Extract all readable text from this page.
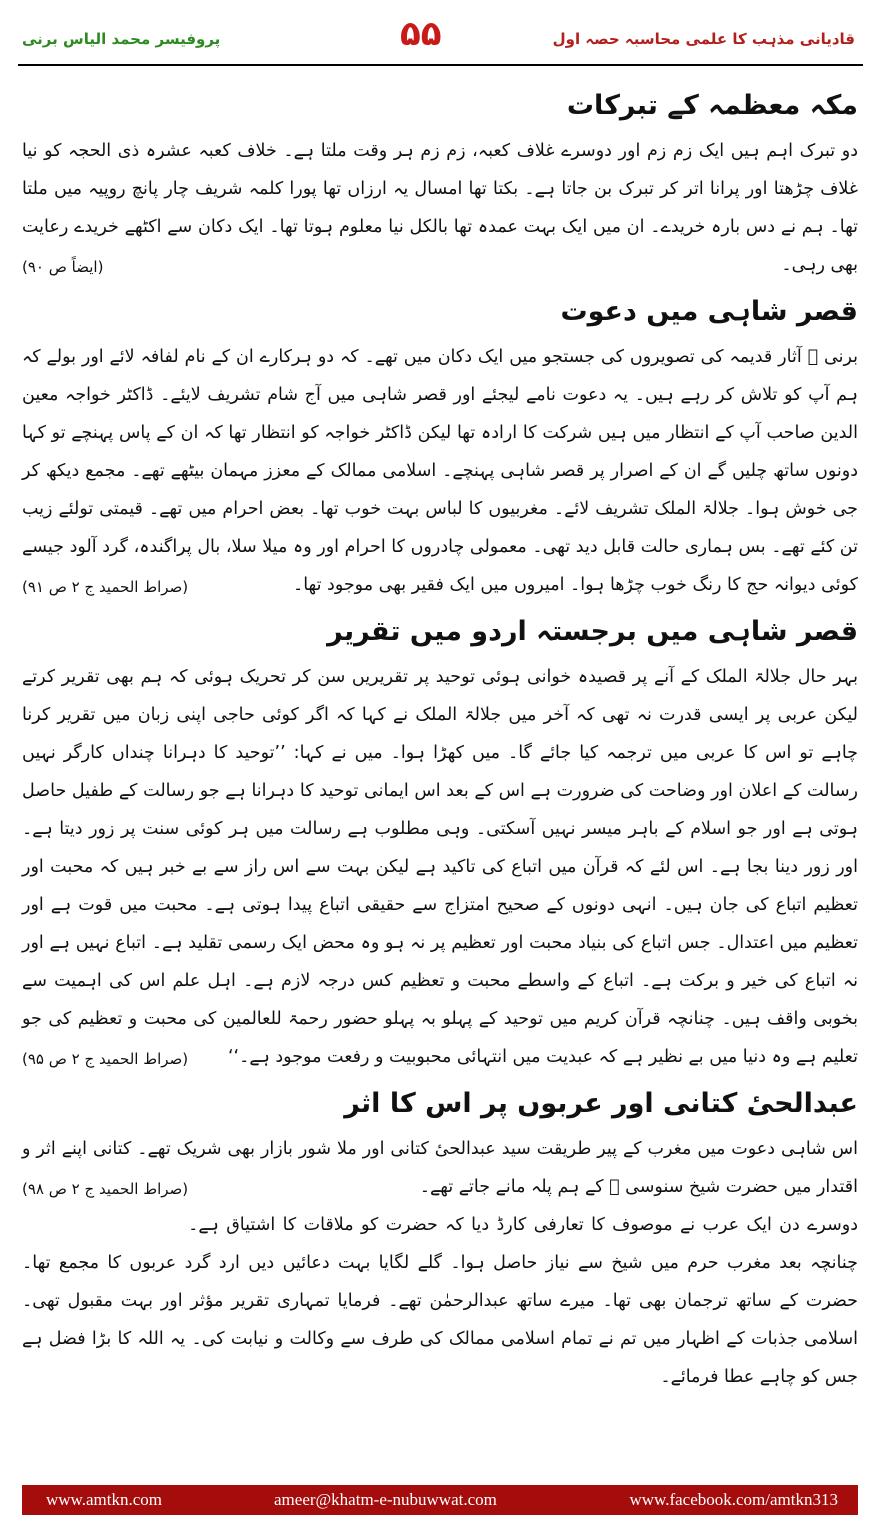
پروفیسر محمد الیاس برنی	۵۵	قادیانی مذہب کا علمی محاسبہ حصہ اول
مکہ معظمہ کے تبرکات

دو تبرک اہم ہیں ایک زم زم اور دوسرے غلاف کعبہ، زم زم ہر وقت ملتا ہے۔ خلاف کعبہ عشرہ ذی الحجہ کو نیا غلاف چڑھتا اور پرانا اتر کر تبرک بن جاتا ہے۔ بکتا تھا امسال یہ ارزاں تھا پورا کلمہ شریف چار پانچ روپیہ میں ملتا تھا۔ ہم نے دس بارہ خریدے۔ ان میں ایک بہت عمدہ تھا بالکل نیا معلوم ہوتا تھا۔ ایک دکان سے اکٹھے خریدے رعایت بھی رہی۔
(ایضاً ص ۹۰)

قصر شاہی میں دعوت

برنی ﷫ آثار قدیمہ کی تصویروں کی جستجو میں ایک دکان میں تھے۔ کہ دو ہرکارے ان کے نام لفافہ لائے اور بولے کہ ہم آپ کو تلاش کر رہے ہیں۔ یہ دعوت نامے لیجئے اور قصر شاہی میں آج شام تشریف لایئے۔ ڈاکٹر خواجہ معین الدین صاحب آپ کے انتظار میں ہیں شرکت کا ارادہ تھا لیکن ڈاکٹر خواجہ کو انتظار تھا کہ ان کے پاس پہنچے تو کہا دونوں ساتھ چلیں گے ان کے اصرار پر قصر شاہی پہنچے۔ اسلامی ممالک کے معزز مہمان بیٹھے تھے۔ مجمع دیکھ کر جی خوش ہوا۔ جلالۃ الملک تشریف لائے۔ مغربیوں کا لباس بہت خوب تھا۔ بعض احرام میں تھے۔ قیمتی تولئے زیب تن کئے تھے۔ بس ہماری حالت قابل دید تھی۔ معمولی چادروں کا احرام اور وہ میلا سلا، بال پراگندہ، گرد آلود جیسے کوئی دیوانہ حج کا رنگ خوب چڑھا ہوا۔ امیروں میں ایک فقیر بھی موجود تھا۔
(صراط الحمید ج ۲ ص ۹۱)

قصر شاہی میں برجستہ اردو میں تقریر

بہر حال جلالۃ الملک کے آنے پر قصیدہ خوانی ہوئی توحید پر تقریریں سن کر تحریک ہوئی کہ ہم بھی تقریر کرتے لیکن عربی پر ایسی قدرت نہ تھی کہ آخر میں جلالۃ الملک نے کہا کہ اگر کوئی حاجی اپنی زبان میں تقریر کرنا چاہے تو اس کا عربی میں ترجمہ کیا جائے گا۔ میں کھڑا ہوا۔ میں نے کہا: ’’توحید کا دہرانا چنداں کارگر نہیں رسالت کے اعلان اور وضاحت کی ضرورت ہے اس کے بعد اس ایمانی توحید کا دہرانا ہے جو رسالت کے طفیل حاصل ہوتی ہے اور جو اسلام کے باہر میسر نہیں آسکتی۔ وہی مطلوب ہے رسالت میں ہر کوئی سنت پر زور دیتا ہے۔ اور زور دینا بجا ہے۔ اس لئے کہ قرآن میں اتباع کی تاکید ہے لیکن بہت سے اس راز سے بے خبر ہیں کہ محبت اور تعظیم اتباع کی جان ہیں۔ انہی دونوں کے صحیح امتزاج سے حقیقی اتباع پیدا ہوتی ہے۔ محبت میں قوت ہے اور تعظیم میں اعتدال۔ جس اتباع کی بنیاد محبت اور تعظیم پر نہ ہو وہ محض ایک رسمی تقلید ہے۔ اتباع نہیں ہے اور نہ اتباع کی خیر و برکت ہے۔ اتباع کے واسطے محبت و تعظیم کس درجہ لازم ہے۔ اہل علم اس کی اہمیت سے بخوبی واقف ہیں۔ چنانچہ قرآن کریم میں توحید کے پہلو بہ پہلو حضور رحمۃ للعالمین کی محبت و تعظیم کی جو تعلیم ہے وہ دنیا میں بے نظیر ہے کہ عبدیت میں انتہائی محبوبیت و رفعت موجود ہے۔‘‘
(صراط الحمید ج ۲ ص ۹۵)

عبدالحیٔ کتانی اور عربوں پر اس کا اثر

اس شاہی دعوت میں مغرب کے پیر طریقت سید عبدالحیٔ کتانی اور ملا شور بازار بھی شریک تھے۔ کتانی اپنے اثر و اقتدار میں حضرت شیخ سنوسی ﷫ کے ہم پلہ مانے جاتے تھے۔
(صراط الحمید ج ۲ ص ۹۸)

دوسرے دن ایک عرب نے موصوف کا تعارفی کارڈ دیا کہ حضرت کو ملاقات کا اشتیاق ہے۔ چنانچہ بعد مغرب حرم میں شیخ سے نیاز حاصل ہوا۔ گلے لگایا بہت دعائیں دیں ارد گرد عربوں کا مجمع تھا۔ حضرت کے ساتھ ترجمان بھی تھا۔ میرے ساتھ عبدالرحمٰن تھے۔ فرمایا تمہاری تقریر مؤثر اور بہت مقبول تھی۔ اسلامی جذبات کے اظہار میں تم نے تمام اسلامی ممالک کی طرف سے وکالت و نیابت کی۔ یہ اللہ کا بڑا فضل ہے جس کو چاہے عطا فرمائے۔

www.amtkn.com	ameer@khatm-e-nubuwwat.com	www.facebook.com/amtkn313
